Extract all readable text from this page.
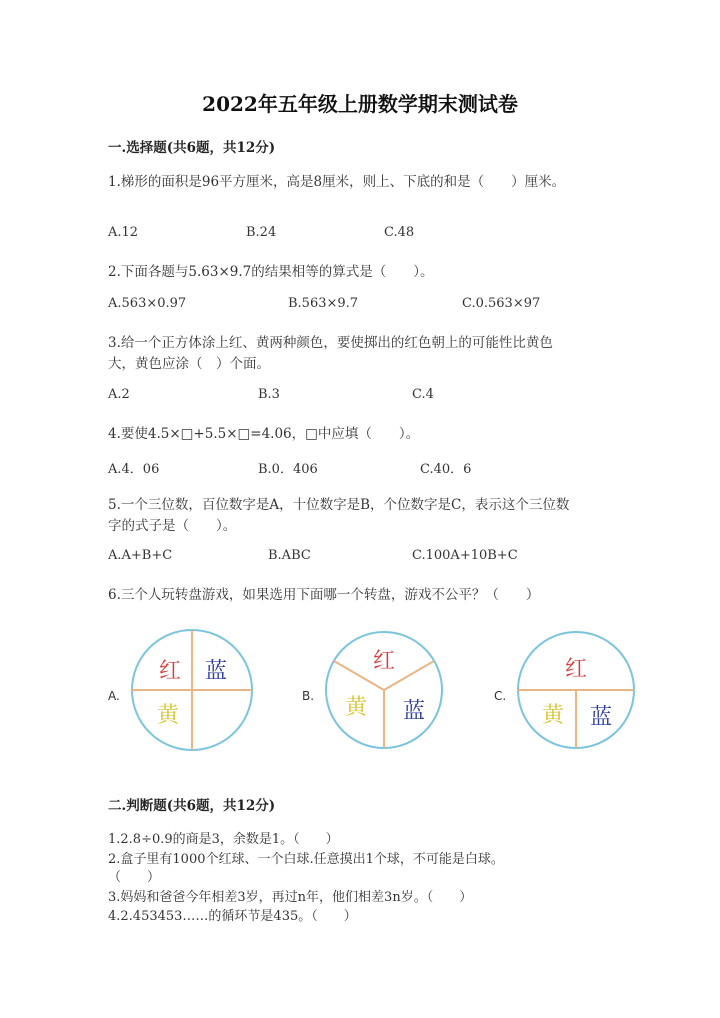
2022年五年级上册数学期末测试卷
一.选择题(共6题，共12分)
1.梯形的面积是96平方厘米，高是8厘米，则上、下底的和是（　　）厘米。
A.12	B.24	C.48
2.下面各题与5.63×9.7的结果相等的算式是（　　）。
A.563×0.97	B.563×9.7	C.0.563×97
3.给一个正方体涂上红、黄两种颜色，要使掷出的红色朝上的可能性比黄色
大，黄色应涂（　）个面。
A.2	B.3	C.4
4.要使4.5×□+5.5×□=4.06，□中应填（　　）。
A.4．06	B.0．406	C.40．6
5.一个三位数，百位数字是A，十位数字是B，个位数字是C，表示这个三位数
字的式子是（　　）。
A.A+B+C	B.ABC	C.100A+10B+C
6.三个人玩转盘游戏，如果选用下面哪一个转盘，游戏不公平？（　　）
A.
红 蓝
黄
B.
红
黄 蓝
C.
红
黄 蓝
二.判断题(共6题，共12分)
1.2.8÷0.9的商是3，余数是1。（　　）
2.盒子里有1000个红球、一个白球.任意摸出1个球，不可能是白球。
（　　）
3.妈妈和爸爸今年相差3岁，再过n年，他们相差3n岁。（　　）
4.2.453453……的循环节是435。（　　）
